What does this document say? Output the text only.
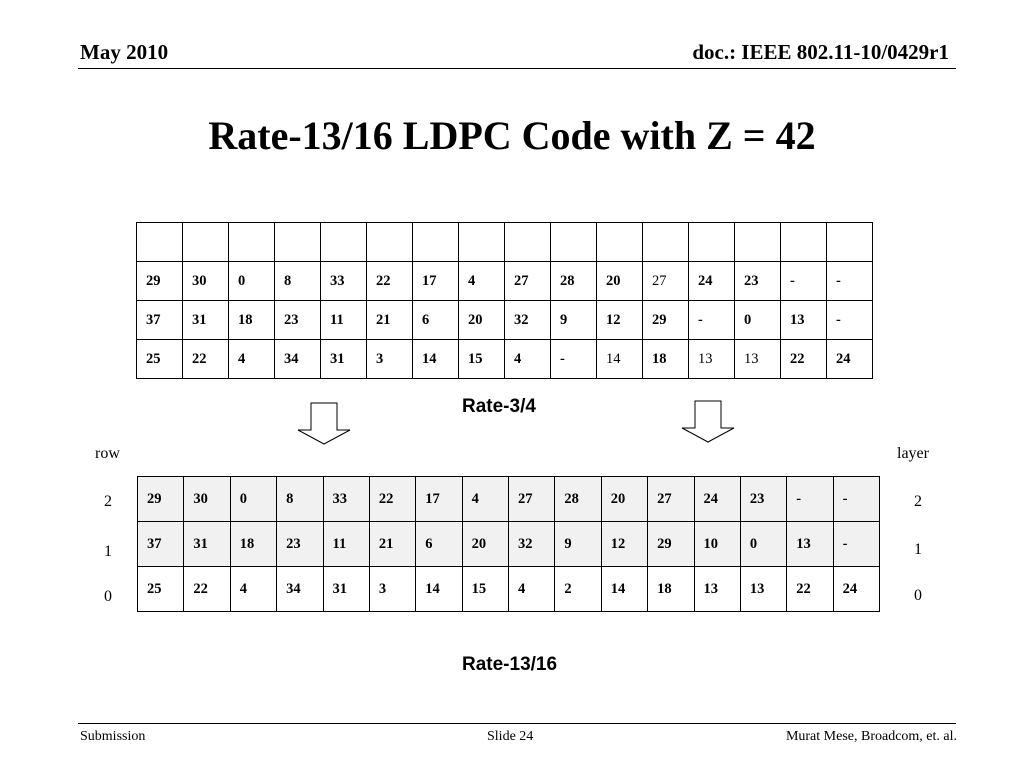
May 2010	doc.: IEEE 802.11-10/0429r1
Rate-13/16 LDPC Code with Z = 42

29	30	0	8	33	22	17	4	27	28	20	27	24	23	-	-
37	31	18	23	11	21	6	20	32	9	12	29	-	0	13	-
25	22	4	34	31	3	14	15	4	-	14	18	13	13	22	24
Rate-3/4
row	layer
2
1
0
2
1
0
29	30	0	8	33	22	17	4	27	28	20	27	24	23	-	-
37	31	18	23	11	21	6	20	32	9	12	29	10	0	13	-
25	22	4	34	31	3	14	15	4	2	14	18	13	13	22	24
Rate-13/16
Submission	Slide 24	Murat Mese, Broadcom, et. al.
